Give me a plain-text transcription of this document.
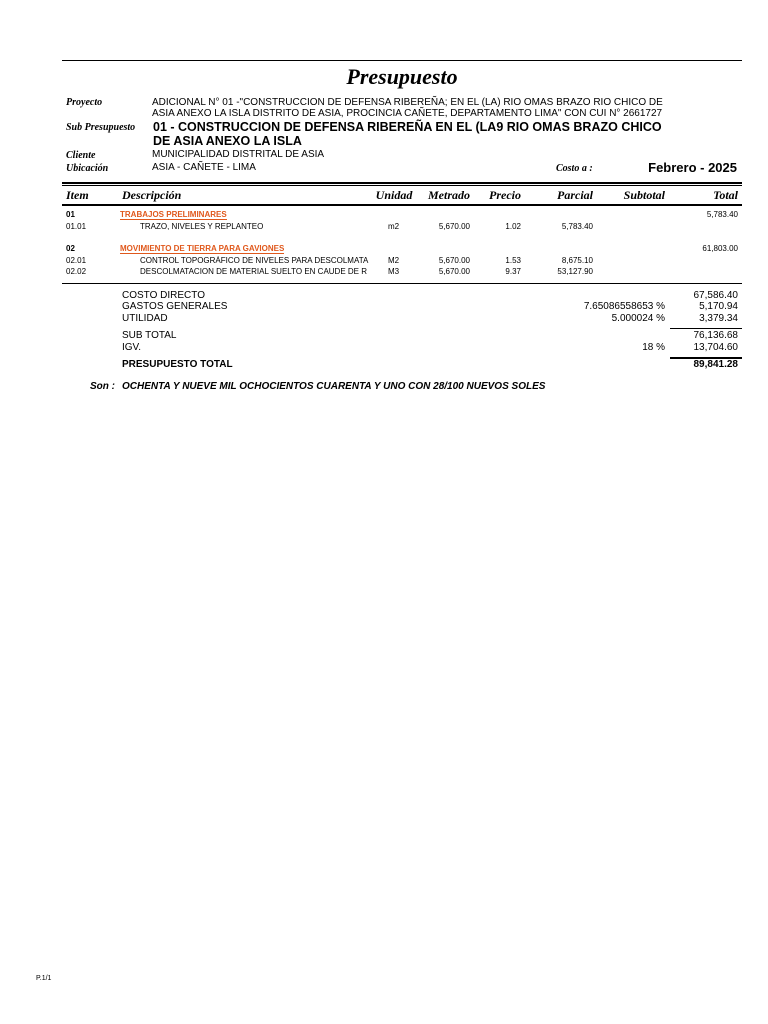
Presupuesto
Proyecto	ADICIONAL N° 01 -"CONSTRUCCION DE DEFENSA RIBEREÑA; EN EL (LA) RIO OMAS BRAZO RIO CHICO DE
ASIA ANEXO LA ISLA DISTRITO DE ASIA, PROCINCIA CAÑETE, DEPARTAMENTO LIMA" CON CUI N° 2661727
Sub Presupuesto 01 - CONSTRUCCION DE DEFENSA RIBEREÑA EN EL (LA9 RIO OMAS BRAZO CHICO
DE ASIA ANEXO LA ISLA
Cliente	MUNICIPALIDAD DISTRITAL DE ASIA
Ubicación	ASIA - CAÑETE - LIMA	Costo a :	Febrero - 2025
Item	Descripción	Unidad	Metrado	Precio	Parcial	Subtotal	Total
01	TRABAJOS PRELIMINARES	5,783.40
01.01	TRAZO, NIVELES Y REPLANTEO	m2	5,670.00	1.02	5,783.40
02	MOVIMIENTO DE TIERRA PARA GAVIONES	61,803.00
02.01	CONTROL TOPOGRÁFICO DE NIVELES PARA DESCOLMATA	M2	5,670.00	1.53	8,675.10
02.02	DESCOLMATACION DE MATERIAL SUELTO EN CAUDE DE R	M3	5,670.00	9.37	53,127.90
COSTO DIRECTO	67,586.40
GASTOS GENERALES	7.65086558653 %	5,170.94
UTILIDAD	5.000024 %	3,379.34
SUB TOTAL	76,136.68
IGV.	18 %	13,704.60
PRESUPUESTO TOTAL	89,841.28
Son : OCHENTA Y NUEVE MIL OCHOCIENTOS CUARENTA Y UNO CON 28/100 NUEVOS SOLES
P.1/1
